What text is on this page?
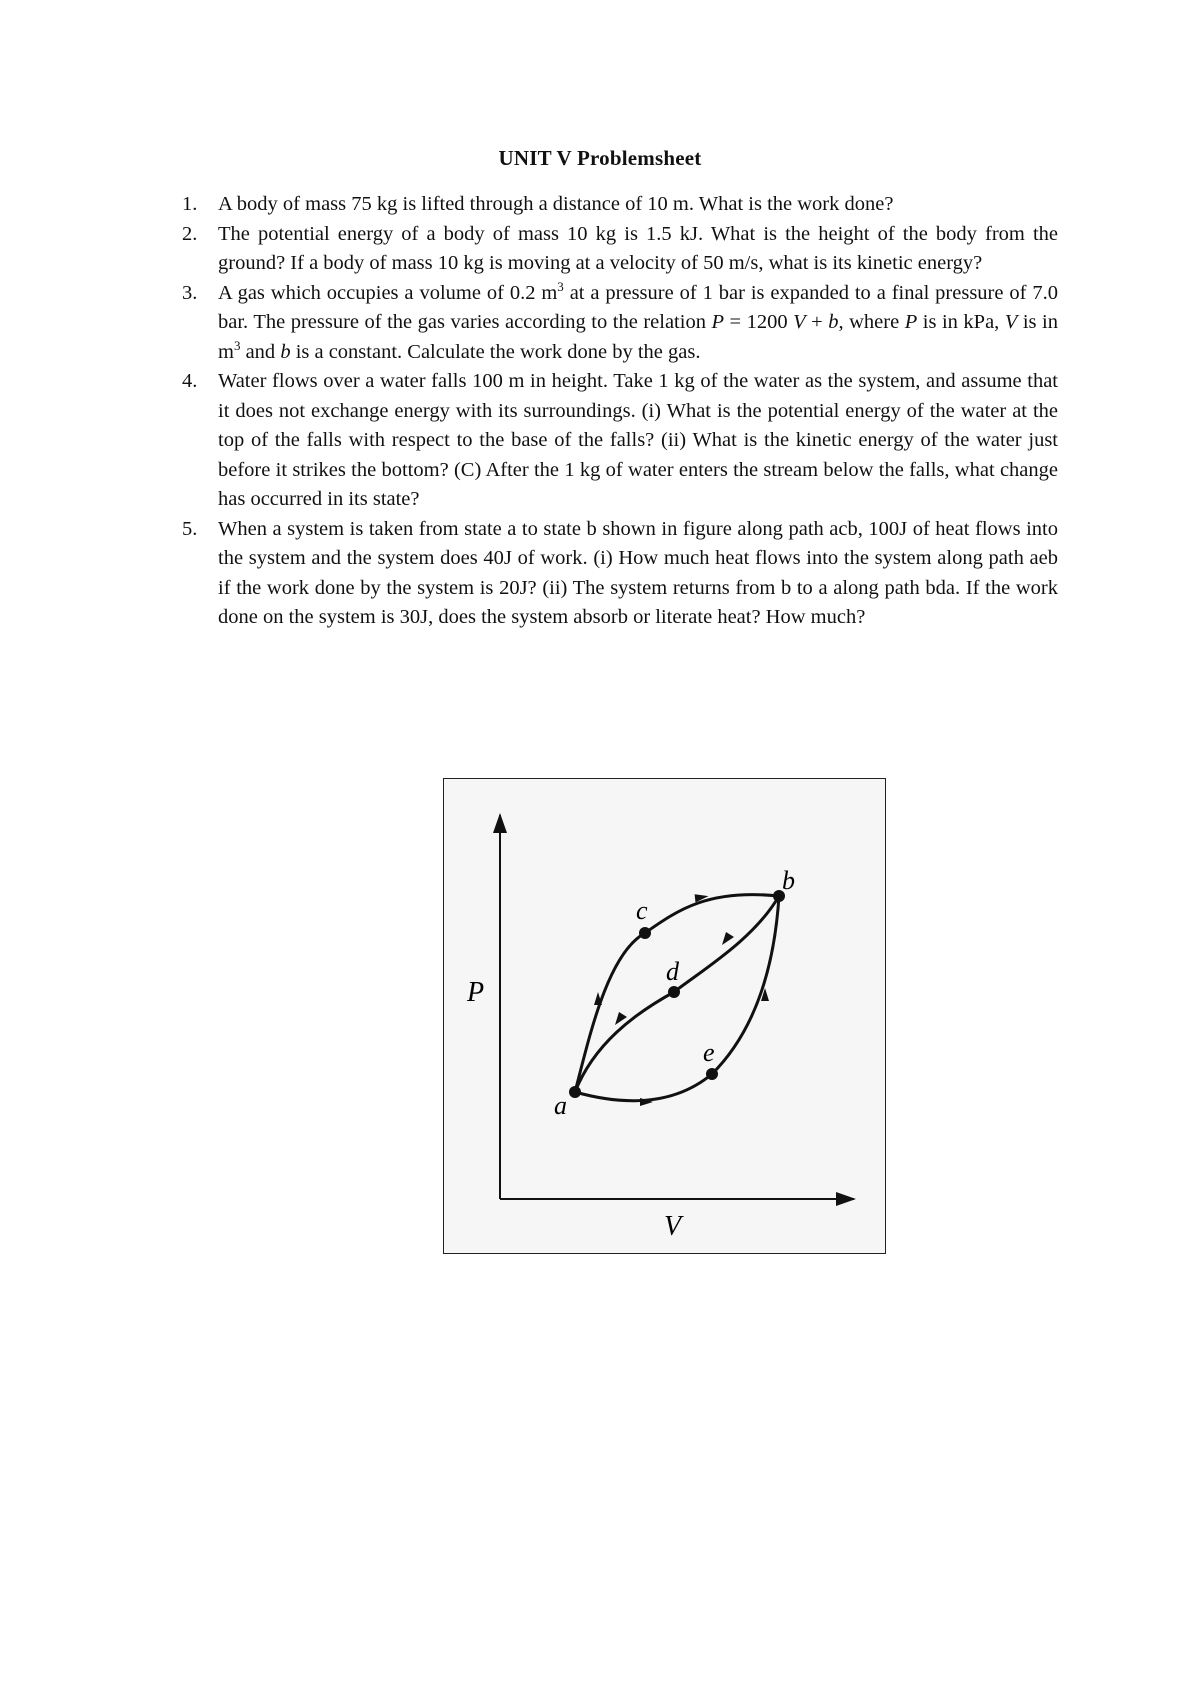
UNIT V Problemsheet
1. A body of mass 75 kg is lifted through a distance of 10 m. What is the work done?
2. The potential energy of a body of mass 10 kg is 1.5 kJ. What is the height of the body from the ground? If a body of mass 10 kg is moving at a velocity of 50 m/s, what is its kinetic energy?
3. A gas which occupies a volume of 0.2 $m^3$ at a pressure of 1 bar is expanded to a final pressure of 7.0 bar. The pressure of the gas varies according to the relation P = 1200 V + b, where P is in kPa, V is in $m^3$ and b is a constant. Calculate the work done by the gas.
4. Water flows over a water falls 100 m in height. Take 1 kg of the water as the system, and assume that it does not exchange energy with its surroundings. (i) What is the potential energy of the water at the top of the falls with respect to the base of the falls? (ii) What is the kinetic energy of the water just before it strikes the bottom? (C) After the 1 kg of water enters the stream below the falls, what change has occurred in its state?
5. When a system is taken from state a to state b shown in figure along path acb, 100J of heat flows into the system and the system does 40J of work. (i) How much heat flows into the system along path aeb if the work done by the system is 20J? (ii) The system returns from b to a along path bda. If the work done on the system is 30J, does the system absorb or literate heat? How much?
P
V
a
b
c
d
e
